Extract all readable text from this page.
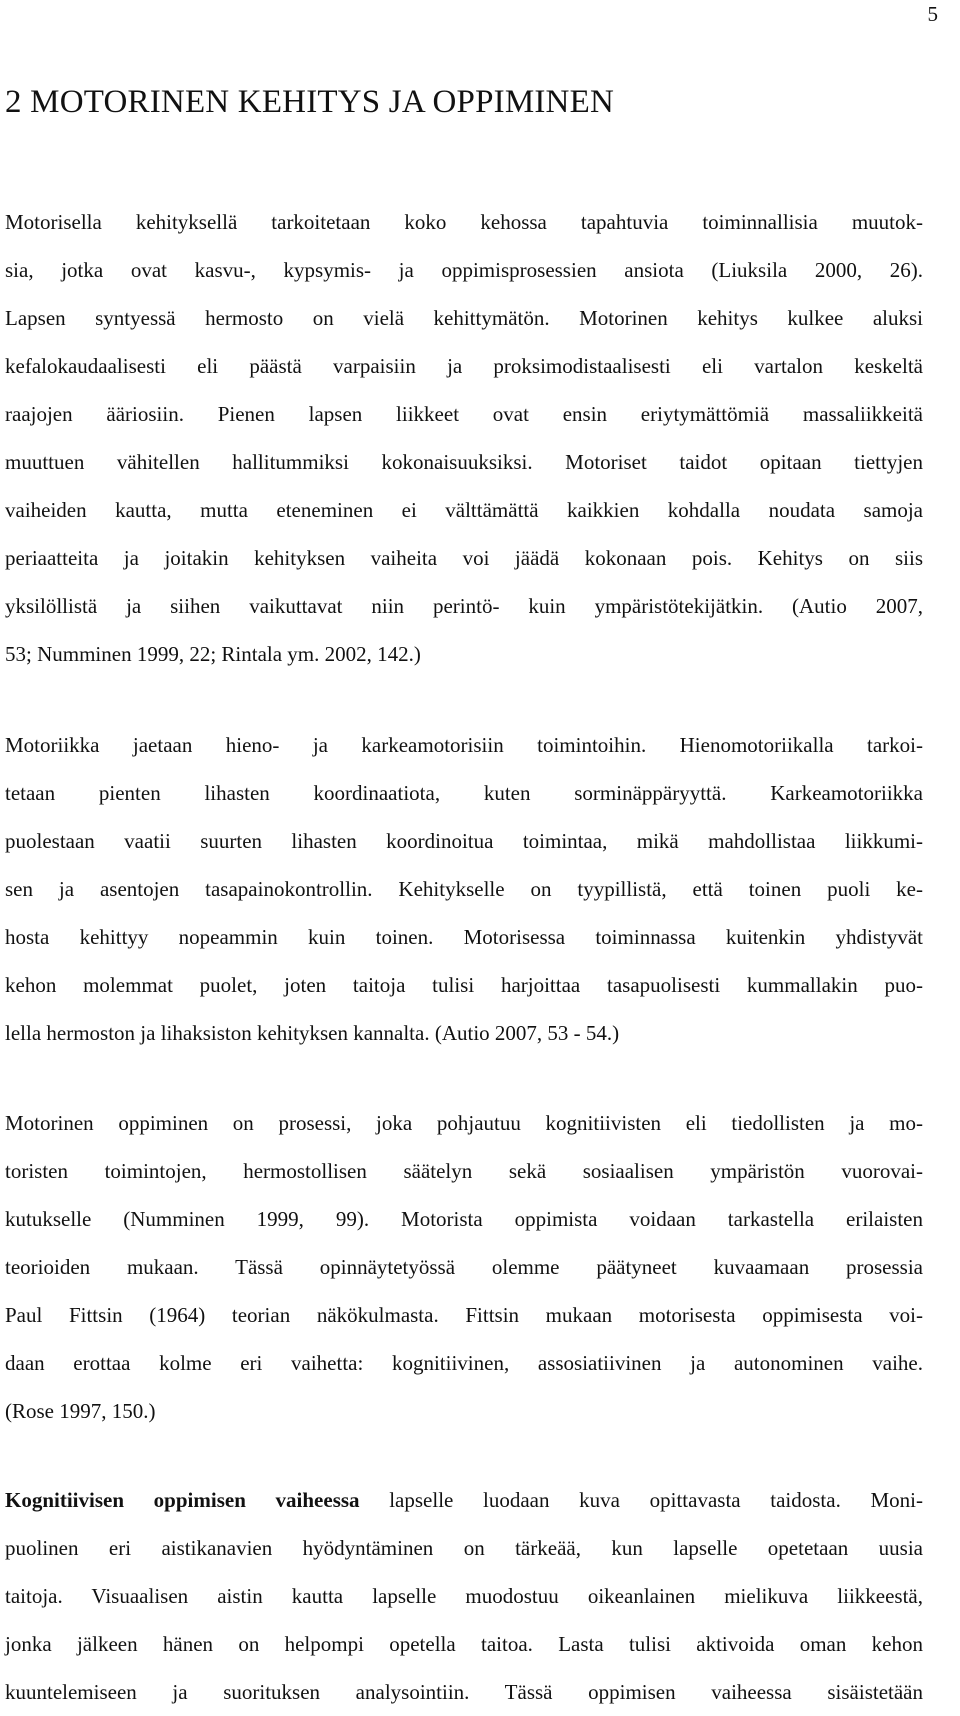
5
2 MOTORINEN KEHITYS JA OPPIMINEN
Motorisella kehityksellä tarkoitetaan koko kehossa tapahtuvia toiminnallisia muutok-
sia, jotka ovat kasvu-, kypsymis- ja oppimisprosessien ansiota (Liuksila 2000, 26).
Lapsen syntyessä hermosto on vielä kehittymätön. Motorinen kehitys kulkee aluksi
kefalokaudaalisesti eli päästä varpaisiin ja proksimodistaalisesti eli vartalon keskeltä
raajojen ääriosiin. Pienen lapsen liikkeet ovat ensin eriytymättömiä massaliikkeitä
muuttuen vähitellen hallitummiksi kokonaisuuksiksi. Motoriset taidot opitaan tiettyjen
vaiheiden kautta, mutta eteneminen ei välttämättä kaikkien kohdalla noudata samoja
periaatteita ja joitakin kehityksen vaiheita voi jäädä kokonaan pois. Kehitys on siis
yksilöllistä ja siihen vaikuttavat niin perintö- kuin ympäristötekijätkin. (Autio 2007,
53; Numminen 1999, 22; Rintala ym. 2002, 142.)
Motoriikka jaetaan hieno- ja karkeamotorisiin toimintoihin. Hienomotoriikalla tarkoi-
tetaan pienten lihasten koordinaatiota, kuten sorminäppäryyttä. Karkeamotoriikka
puolestaan vaatii suurten lihasten koordinoitua toimintaa, mikä mahdollistaa liikkumi-
sen ja asentojen tasapainokontrollin. Kehitykselle on tyypillistä, että toinen puoli ke-
hosta kehittyy nopeammin kuin toinen. Motorisessa toiminnassa kuitenkin yhdistyvät
kehon molemmat puolet, joten taitoja tulisi harjoittaa tasapuolisesti kummallakin puo-
lella hermoston ja lihaksiston kehityksen kannalta. (Autio 2007, 53 - 54.)
Motorinen oppiminen on prosessi, joka pohjautuu kognitiivisten eli tiedollisten ja mo-
toristen toimintojen, hermostollisen säätelyn sekä sosiaalisen ympäristön vuorovai-
kutukselle (Numminen 1999, 99). Motorista oppimista voidaan tarkastella erilaisten
teorioiden mukaan. Tässä opinnäytetyössä olemme päätyneet kuvaamaan prosessia
Paul Fittsin (1964) teorian näkökulmasta. Fittsin mukaan motorisesta oppimisesta voi-
daan erottaa kolme eri vaihetta: kognitiivinen, assosiatiivinen ja autonominen vaihe.
(Rose 1997, 150.)
Kognitiivisen oppimisen vaiheessa lapselle luodaan kuva opittavasta taidosta. Moni-
puolinen eri aistikanavien hyödyntäminen on tärkeää, kun lapselle opetetaan uusia
taitoja. Visuaalisen aistin kautta lapselle muodostuu oikeanlainen mielikuva liikkeestä,
jonka jälkeen hänen on helpompi opetella taitoa. Lasta tulisi aktivoida oman kehon
kuuntelemiseen ja suorituksen analysointiin. Tässä oppimisen vaiheessa sisäistetään
